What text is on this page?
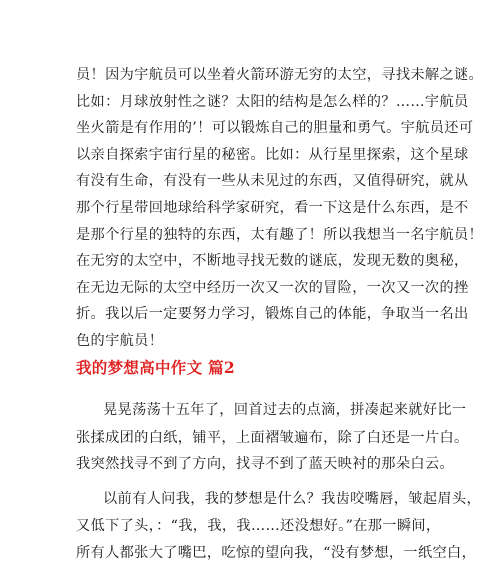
员！因为宇航员可以坐着火箭环游无穷的太空，寻找未解之谜。
比如：月球放射性之谜？太阳的结构是怎么样的？……宇航员
坐火箭是有作用的’！可以锻炼自己的胆量和勇气。宇航员还可
以亲自探索宇宙行星的秘密。比如：从行星里探索，这个星球
有没有生命，有没有一些从未见过的东西，又值得研究，就从
那个行星带回地球给科学家研究，看一下这是什么东西，是不
是那个行星的独特的东西，太有趣了！所以我想当一名宇航员！
在无穷的太空中，不断地寻找无数的谜底，发现无数的奥秘，
在无边无际的太空中经历一次又一次的冒险，一次又一次的挫
折。我以后一定要努力学习，锻炼自己的体能，争取当一名出
我的梦想高中作文 篇2
晃晃荡荡十五年了，回首过去的点滴，拼凑起来就好比一
张揉成团的白纸，铺平，上面褶皱遍布，除了白还是一片白。
我突然找寻不到了方向，找寻不到了蓝天映衬的那朵白云。
以前有人问我，我的梦想是什么？我齿咬嘴唇，皱起眉头，
又低下了头，：“我，我，我……还没想好。”在那一瞬间，
所有人都张大了嘴巴，吃惊的望向我，“没有梦想，一纸空白，
色的宇航员！
